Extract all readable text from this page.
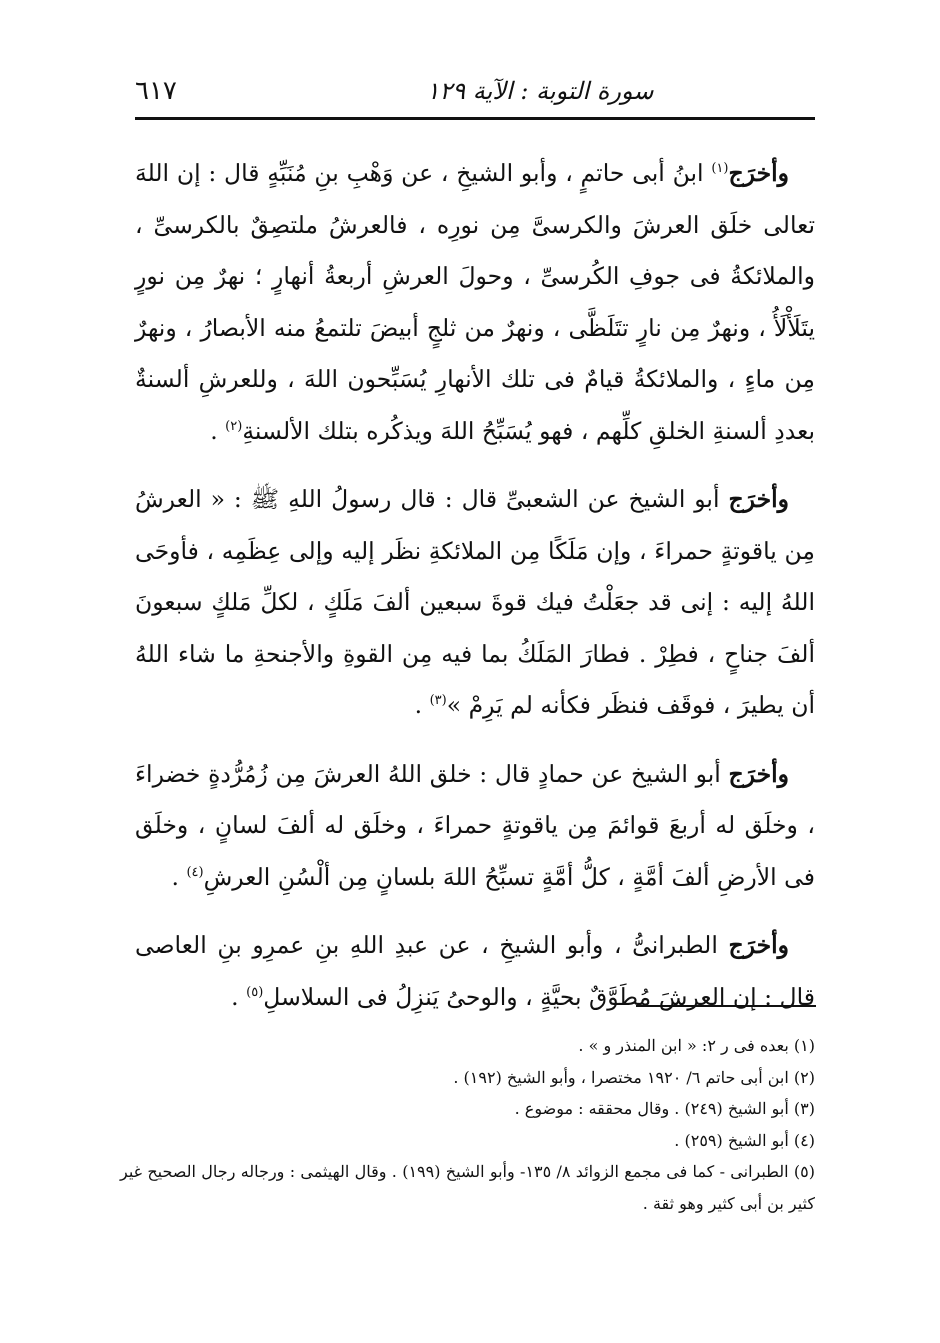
٦١٧	سورة التوبة : الآية ١٢٩

وأخرَج$^{(١)}$ ابنُ أبى حاتمٍ ، وأبو الشيخِ ، عن وَهْبِ بنِ مُنَبِّهٍ قال : إن اللهَ تعالى خلَق العرشَ والكرسىَّ مِن نورِه ، فالعرشُ ملتصِقٌ بالكرسىِّ ، والملائكةُ فى جوفِ الكُرسىِّ ، وحولَ العرشِ أربعةُ أنهارٍ ؛ نهرٌ مِن نورٍ يتَلَأْلَأُ ، ونهرٌ مِن نارٍ تتَلَظَّى ، ونهرٌ من ثلجٍ أبيضَ تلتمعُ منه الأبصارُ ، ونهرٌ مِن ماءٍ ، والملائكةُ قيامٌ فى تلك الأنهارِ يُسَبِّحون اللهَ ، وللعرشِ ألسنةٌ بعددِ ألسنةِ الخلقِ كلِّهم ، فهو يُسَبِّحُ اللهَ ويذكُره بتلك الألسنةِ$^{(٢)}$ .

وأخرَج أبو الشيخ عن الشعبىِّ قال : قال رسولُ اللهِ ﷺ : « العرشُ مِن ياقوتةٍ حمراءَ ، وإن مَلَكًا مِن الملائكةِ نظَر إليه وإلى عِظَمِه ، فأوحَى اللهُ إليه : إنى قد جعَلْتُ فيك قوةَ سبعين ألفَ مَلَكٍ ، لكلِّ مَلكٍ سبعونَ ألفَ جناحٍ ، فطِرْ . فطارَ المَلَكُ بما فيه مِن القوةِ والأجنحةِ ما شاء اللهُ أن يطيرَ ، فوقَف فنظَر فكأنه لم يَرِمْ »$^{(٣)}$ .

وأخرَج أبو الشيخ عن حمادٍ قال : خلق اللهُ العرشَ مِن زُمُرُّدةٍ خضراءَ ، وخلَق له أربعَ قوائمَ مِن ياقوتةٍ حمراءَ ، وخلَق له ألفَ لسانٍ ، وخلَق فى الأرضِ ألفَ أمَّةٍ ، كلُّ أمَّةٍ تسبِّحُ اللهَ بلسانٍ مِن ألْسُنِ العرشِ$^{(٤)}$ .

وأخرَج الطبرانىُّ ، وأبو الشيخِ ، عن عبدِ اللهِ بنِ عمرِو بنِ العاصى قال : إن العرشَ مُطَوَّقٌ بحيَّةٍ ، والوحىُ يَنزِلُ فى السلاسلِ$^{(٥)}$ .

(١) بعده فى ر ٢: « ابن المنذر و » .
(٢) ابن أبى حاتم ٦/ ١٩٢٠ مختصرا ، وأبو الشيخ (١٩٢) .
(٣) أبو الشيخ (٢٤٩) . وقال محققه : موضوع .
(٤) أبو الشيخ (٢٥٩) .
(٥) الطبرانى - كما فى مجمع الزوائد ٨/ ١٣٥- وأبو الشيخ (١٩٩) . وقال الهيثمى : ورجاله رجال الصحيح غير كثير بن أبى كثير وهو ثقة .
